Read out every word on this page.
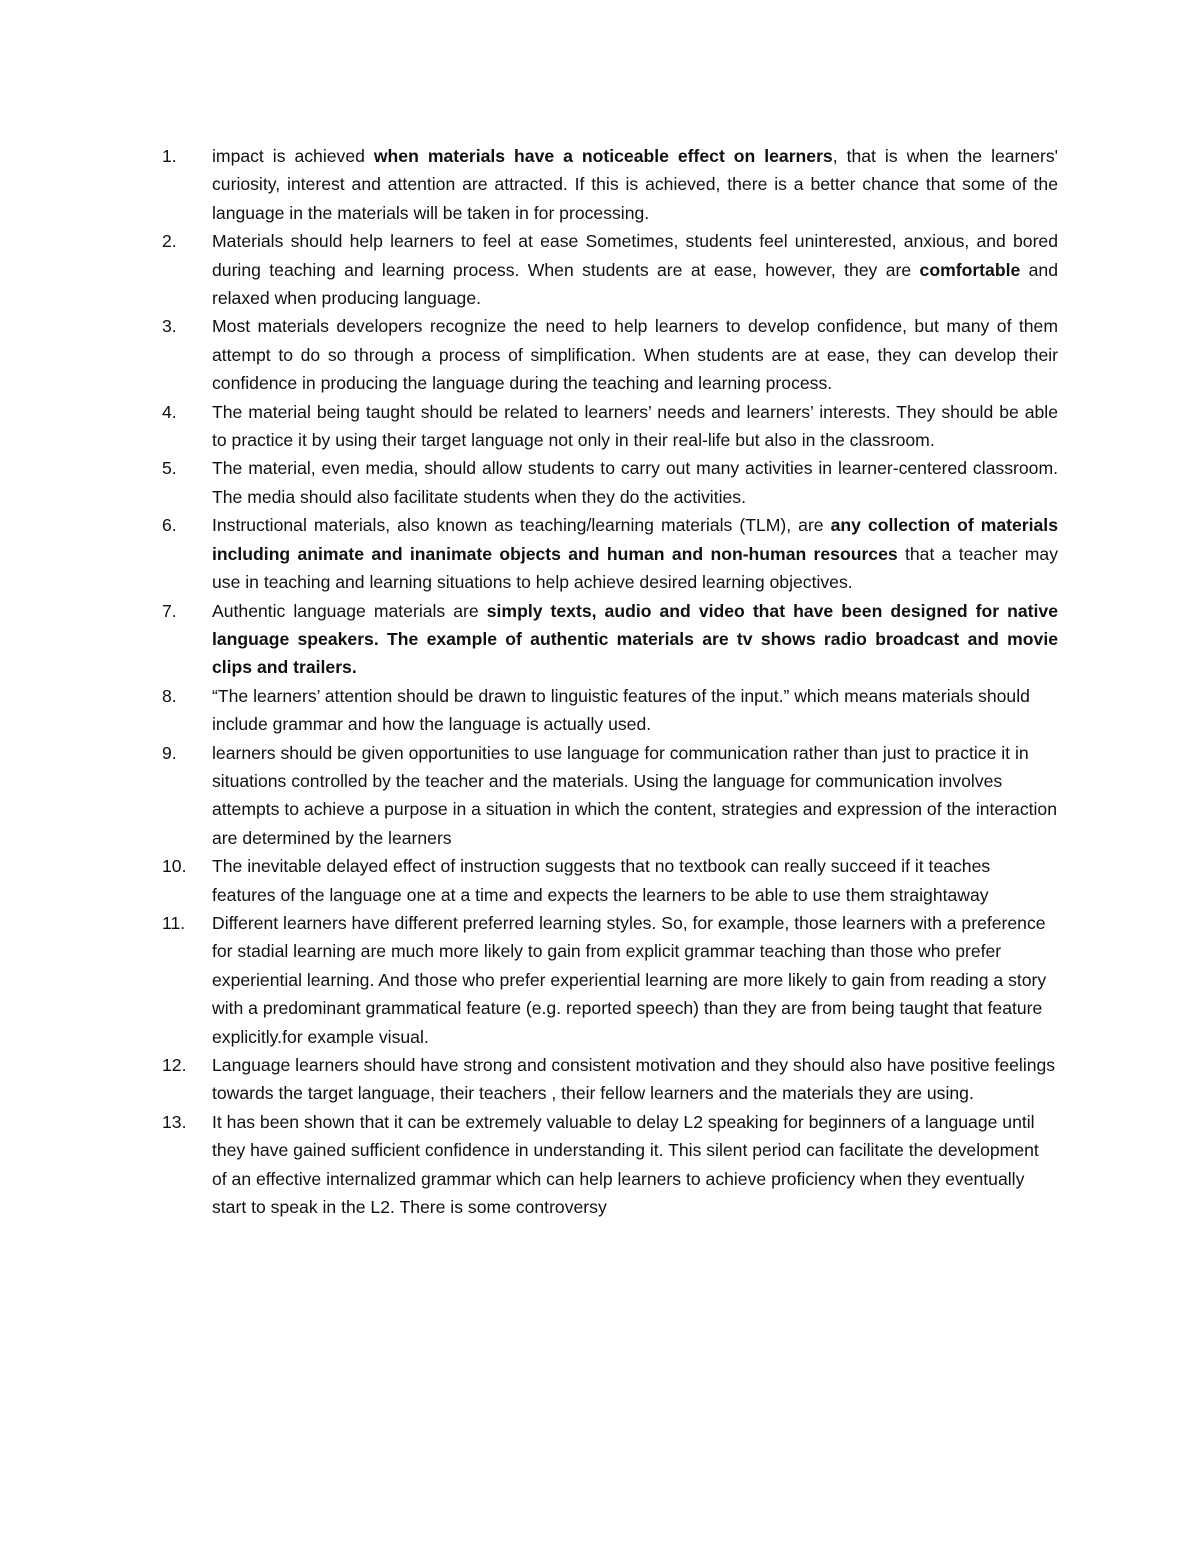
1.	impact is achieved when materials have a noticeable effect on learners, that is when the learners' curiosity, interest and attention are attracted. If this is achieved, there is a better chance that some of the language in the materials will be taken in for processing.
2.	Materials should help learners to feel at ease Sometimes, students feel uninterested, anxious, and bored during teaching and learning process. When students are at ease, however, they are comfortable and relaxed when producing language.
3.	Most materials developers recognize the need to help learners to develop confidence, but many of them attempt to do so through a process of simplification. When students are at ease, they can develop their confidence in producing the language during the teaching and learning process.
4.	The material being taught should be related to learners’ needs and learners’ interests. They should be able to practice it by using their target language not only in their real-life but also in the classroom.
5.	The material, even media, should allow students to carry out many activities in learner-centered classroom. The media should also facilitate students when they do the activities.
6.	Instructional materials, also known as teaching/learning materials (TLM), are any collection of materials including animate and inanimate objects and human and non-human resources that a teacher may use in teaching and learning situations to help achieve desired learning objectives.
7.	Authentic language materials are simply texts, audio and video that have been designed for native language speakers. The example of authentic materials are tv shows radio broadcast and movie clips and trailers.
8.	“The learners’ attention should be drawn to linguistic features of the input.” which means materials should include grammar and how the language is actually used.
9.	learners should be given opportunities to use language for communication rather than just to practice it in situations controlled by the teacher and the materials. Using the language for communication involves attempts to achieve a purpose in a situation in which the content, strategies and expression of the interaction are determined by the learners
10.	The inevitable delayed effect of instruction suggests that no textbook can really succeed if it teaches features of the language one at a time and expects the learners to be able to use them straightaway
11.	Different learners have different preferred learning styles. So, for example, those learners with a preference for stadial learning are much more likely to gain from explicit grammar teaching than those who prefer experiential learning. And those who prefer experiential learning are more likely to gain from reading a story with a predominant grammatical feature (e.g. reported speech) than they are from being taught that feature explicitly.for example visual.
12.	Language learners should have strong and consistent motivation and they should also have positive feelings towards the target language, their teachers , their fellow learners and the materials they are using.
13.	It has been shown that it can be extremely valuable to delay L2 speaking for beginners of a language until they have gained sufficient confidence in understanding it. This silent period can facilitate the development of an effective internalized grammar which can help learners to achieve proficiency when they eventually start to speak in the L2. There is some controversy
